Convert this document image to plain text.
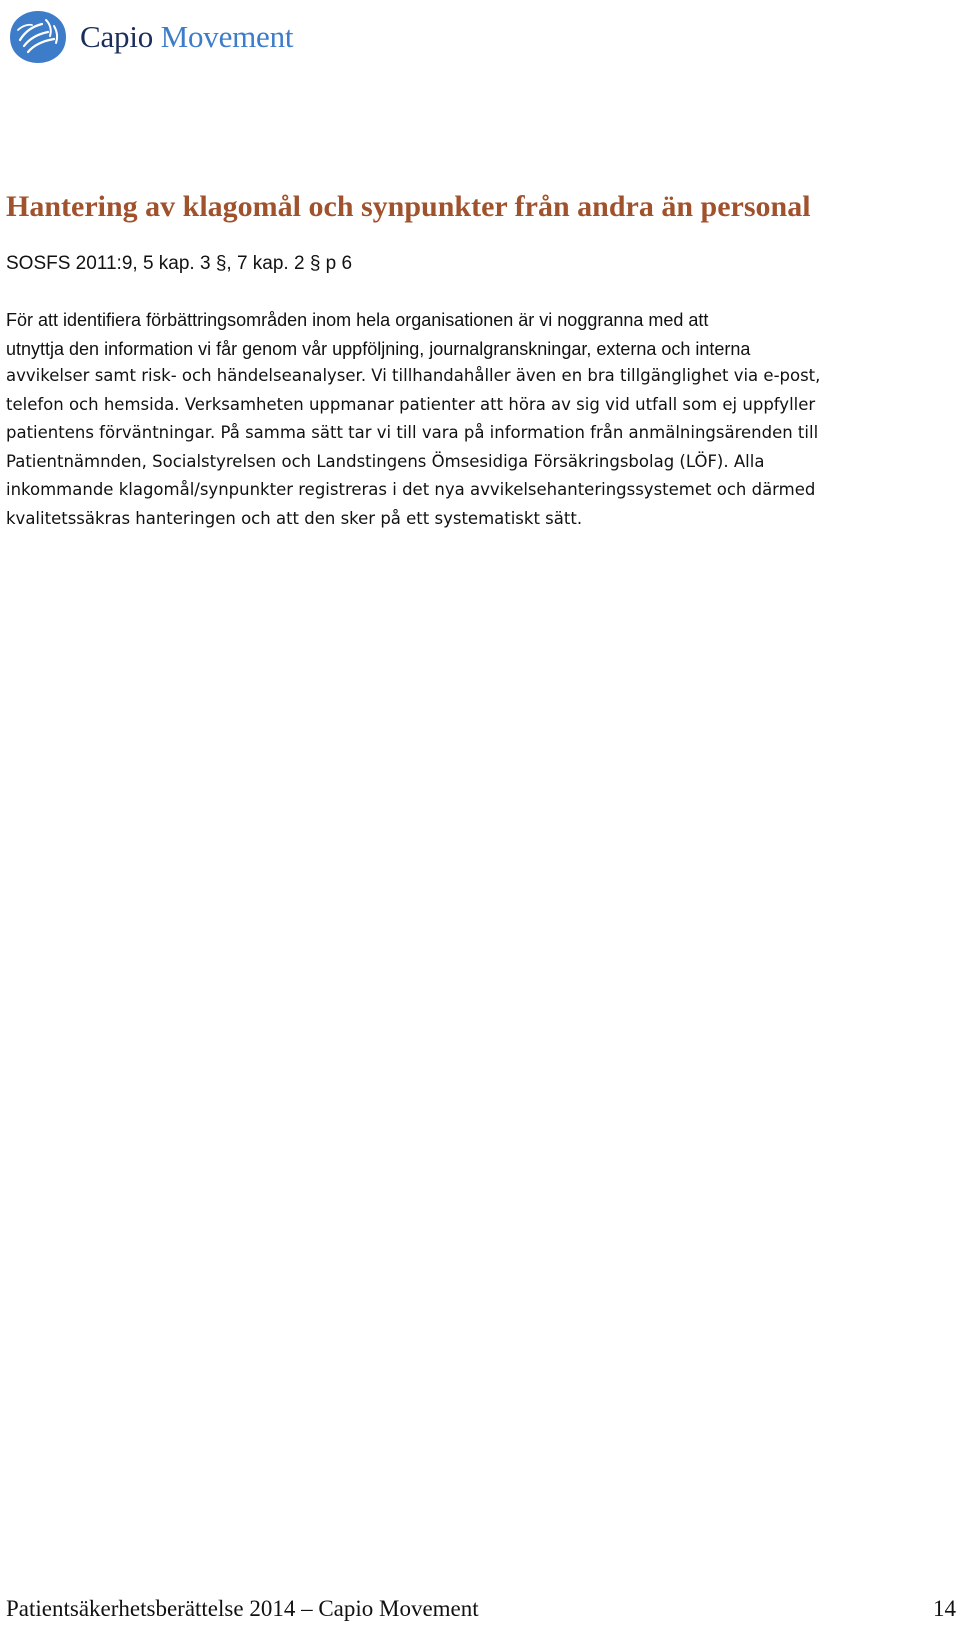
Capio Movement
Hantering av klagomål och synpunkter från andra än personal

SOSFS 2011:9, 5 kap. 3 §, 7 kap. 2 § p 6

För att identifiera förbättringsområden inom hela organisationen är vi noggranna med att

utnyttja den information vi får genom vår uppföljning, journalgranskningar, externa och interna
avvikelser samt risk- och händelseanalyser. Vi tillhandahåller även en bra tillgänglighet via e-post,
telefon och hemsida. Verksamheten uppmanar patienter att höra av sig vid utfall som ej uppfyller
patientens förväntningar. På samma sätt tar vi till vara på information från anmälningsärenden till
Patientnämnden, Socialstyrelsen och Landstingens Ömsesidiga Försäkringsbolag (LÖF). Alla
inkommande klagomål/synpunkter registreras i det nya avvikelsehanteringssystemet och därmed
kvalitetssäkras hanteringen och att den sker på ett systematiskt sätt.

Patientsäkerhetsberättelse 2014 – Capio Movement	14
